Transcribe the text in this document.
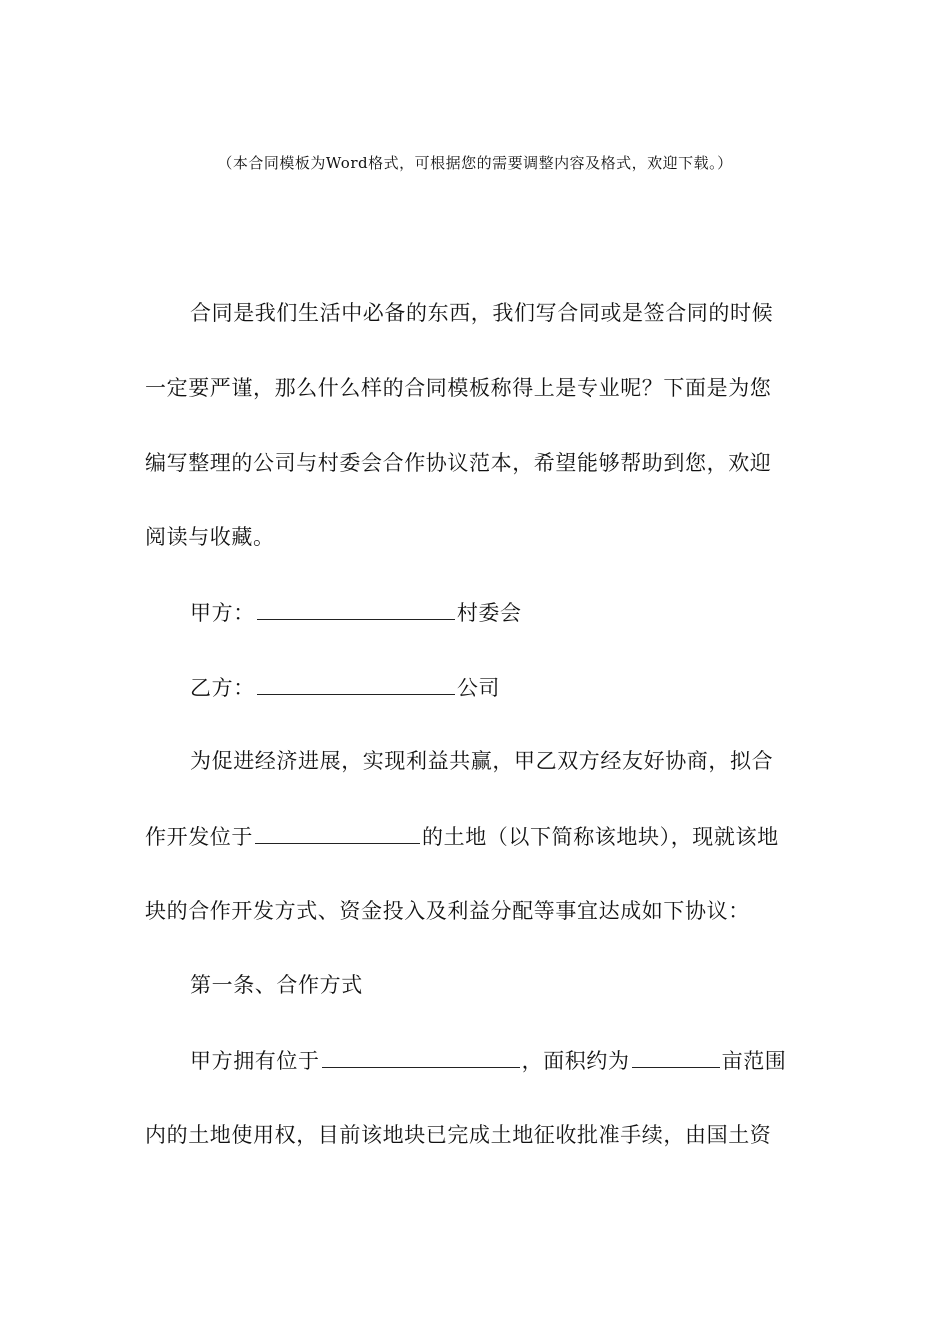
（本合同模板为Word格式，可根据您的需要调整内容及格式，欢迎下载。）
合同是我们生活中必备的东西，我们写合同或是签合同的时候
一定要严谨，那么什么样的合同模板称得上是专业呢？下面是为您
编写整理的公司与村委会合作协议范本，希望能够帮助到您，欢迎
阅读与收藏。
甲方：	村委会
乙方：	公司
为促进经济进展，实现利益共赢，甲乙双方经友好协商，拟合
作开发位于	的土地（以下简称该地块），现就该地
块的合作开发方式、资金投入及利益分配等事宜达成如下协议：
第一条、合作方式
甲方拥有位于	，面积约为	亩范围
内的土地使用权，目前该地块已完成土地征收批准手续，由国土资
